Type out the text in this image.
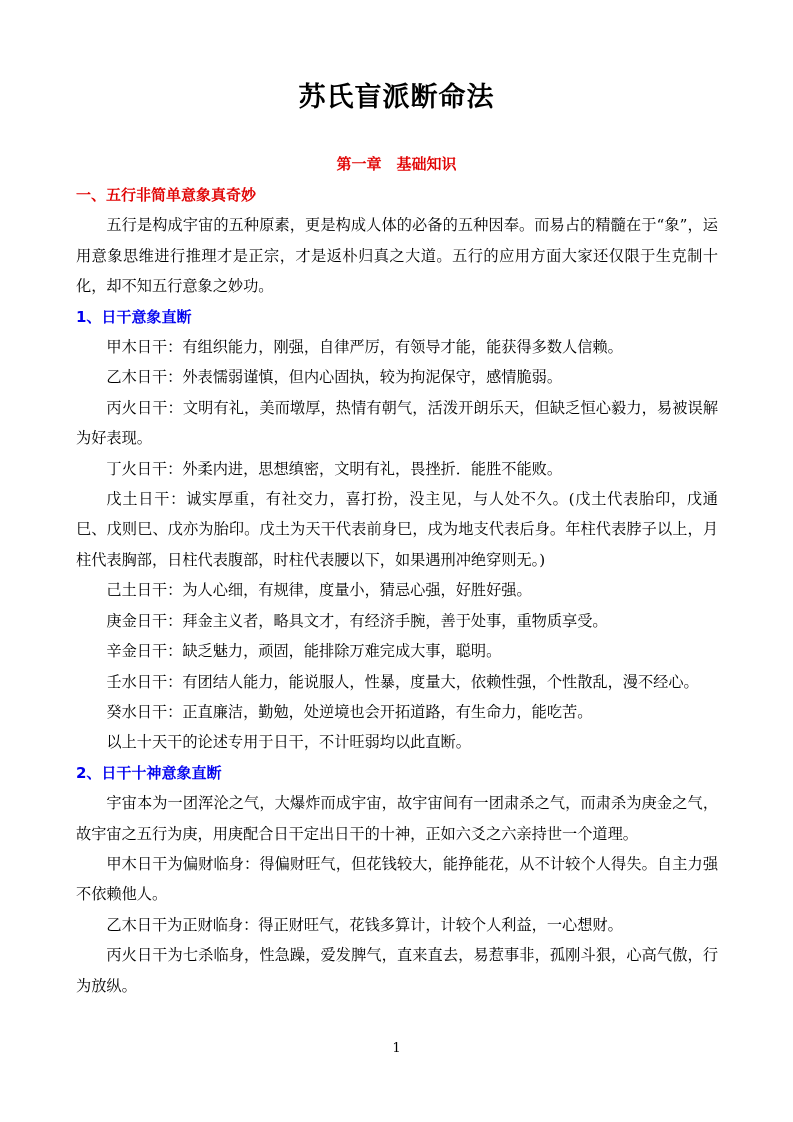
苏氏盲派断命法
第一章　基础知识
一、五行非简单意象真奇妙

五行是构成宇宙的五种原素，更是构成人体的必备的五种因奉。而易占的精髓在于“象”，运用意象思维进行推理才是正宗，才是返朴归真之大道。五行的应用方面大家还仅限于生克制十化，却不知五行意象之妙功。

1、日干意象直断

甲木日干：有组织能力，刚强，自律严厉，有领导才能，能获得多数人信赖。

乙木日干：外表懦弱谨慎，但内心固执，较为拘泥保守，感情脆弱。

丙火日干：文明有礼，美而墩厚，热情有朝气，活泼开朗乐天，但缺乏恒心毅力，易被误解为好表现。

丁火日干：外柔内进，思想缜密，文明有礼，畏挫折．能胜不能败。

戊土日干：诚实厚重，有社交力，喜打扮，没主见，与人处不久。(戊土代表胎印，戊通巳、戊则巳、戊亦为胎印。戊土为天干代表前身巳，戌为地支代表后身。年柱代表脖子以上，月柱代表胸部，日柱代表腹部，时柱代表腰以下，如果遇刑冲绝穿则无。)

己土日干：为人心细，有规律，度量小，猜忌心强，好胜好强。

庚金日干：拜金主义者，略具文才，有经济手腕，善于处事，重物质享受。

辛金日干：缺乏魅力，顽固，能排除万难完成大事，聪明。

壬水日干：有团结人能力，能说服人，性暴，度量大，依赖性强，个性散乱，漫不经心。

癸水日干：正直廉洁，勤勉，处逆境也会开拓道路，有生命力，能吃苦。

以上十天干的论述专用于日干，不计旺弱均以此直断。

2、日干十神意象直断

宇宙本为一团浑沦之气，大爆炸而成宇宙，故宇宙间有一团肃杀之气，而肃杀为庚金之气，故宇宙之五行为庚，用庚配合日干定出日干的十神，正如六爻之六亲持世一个道理。

甲木日干为偏财临身：得偏财旺气，但花钱较大，能挣能花，从不计较个人得失。自主力强不依赖他人。

乙木日干为正财临身：得正财旺气，花钱多算计，计较个人利益，一心想财。

丙火日干为七杀临身，性急躁，爱发脾气，直来直去，易惹事非，孤刚斗狠，心高气傲，行为放纵。

1
